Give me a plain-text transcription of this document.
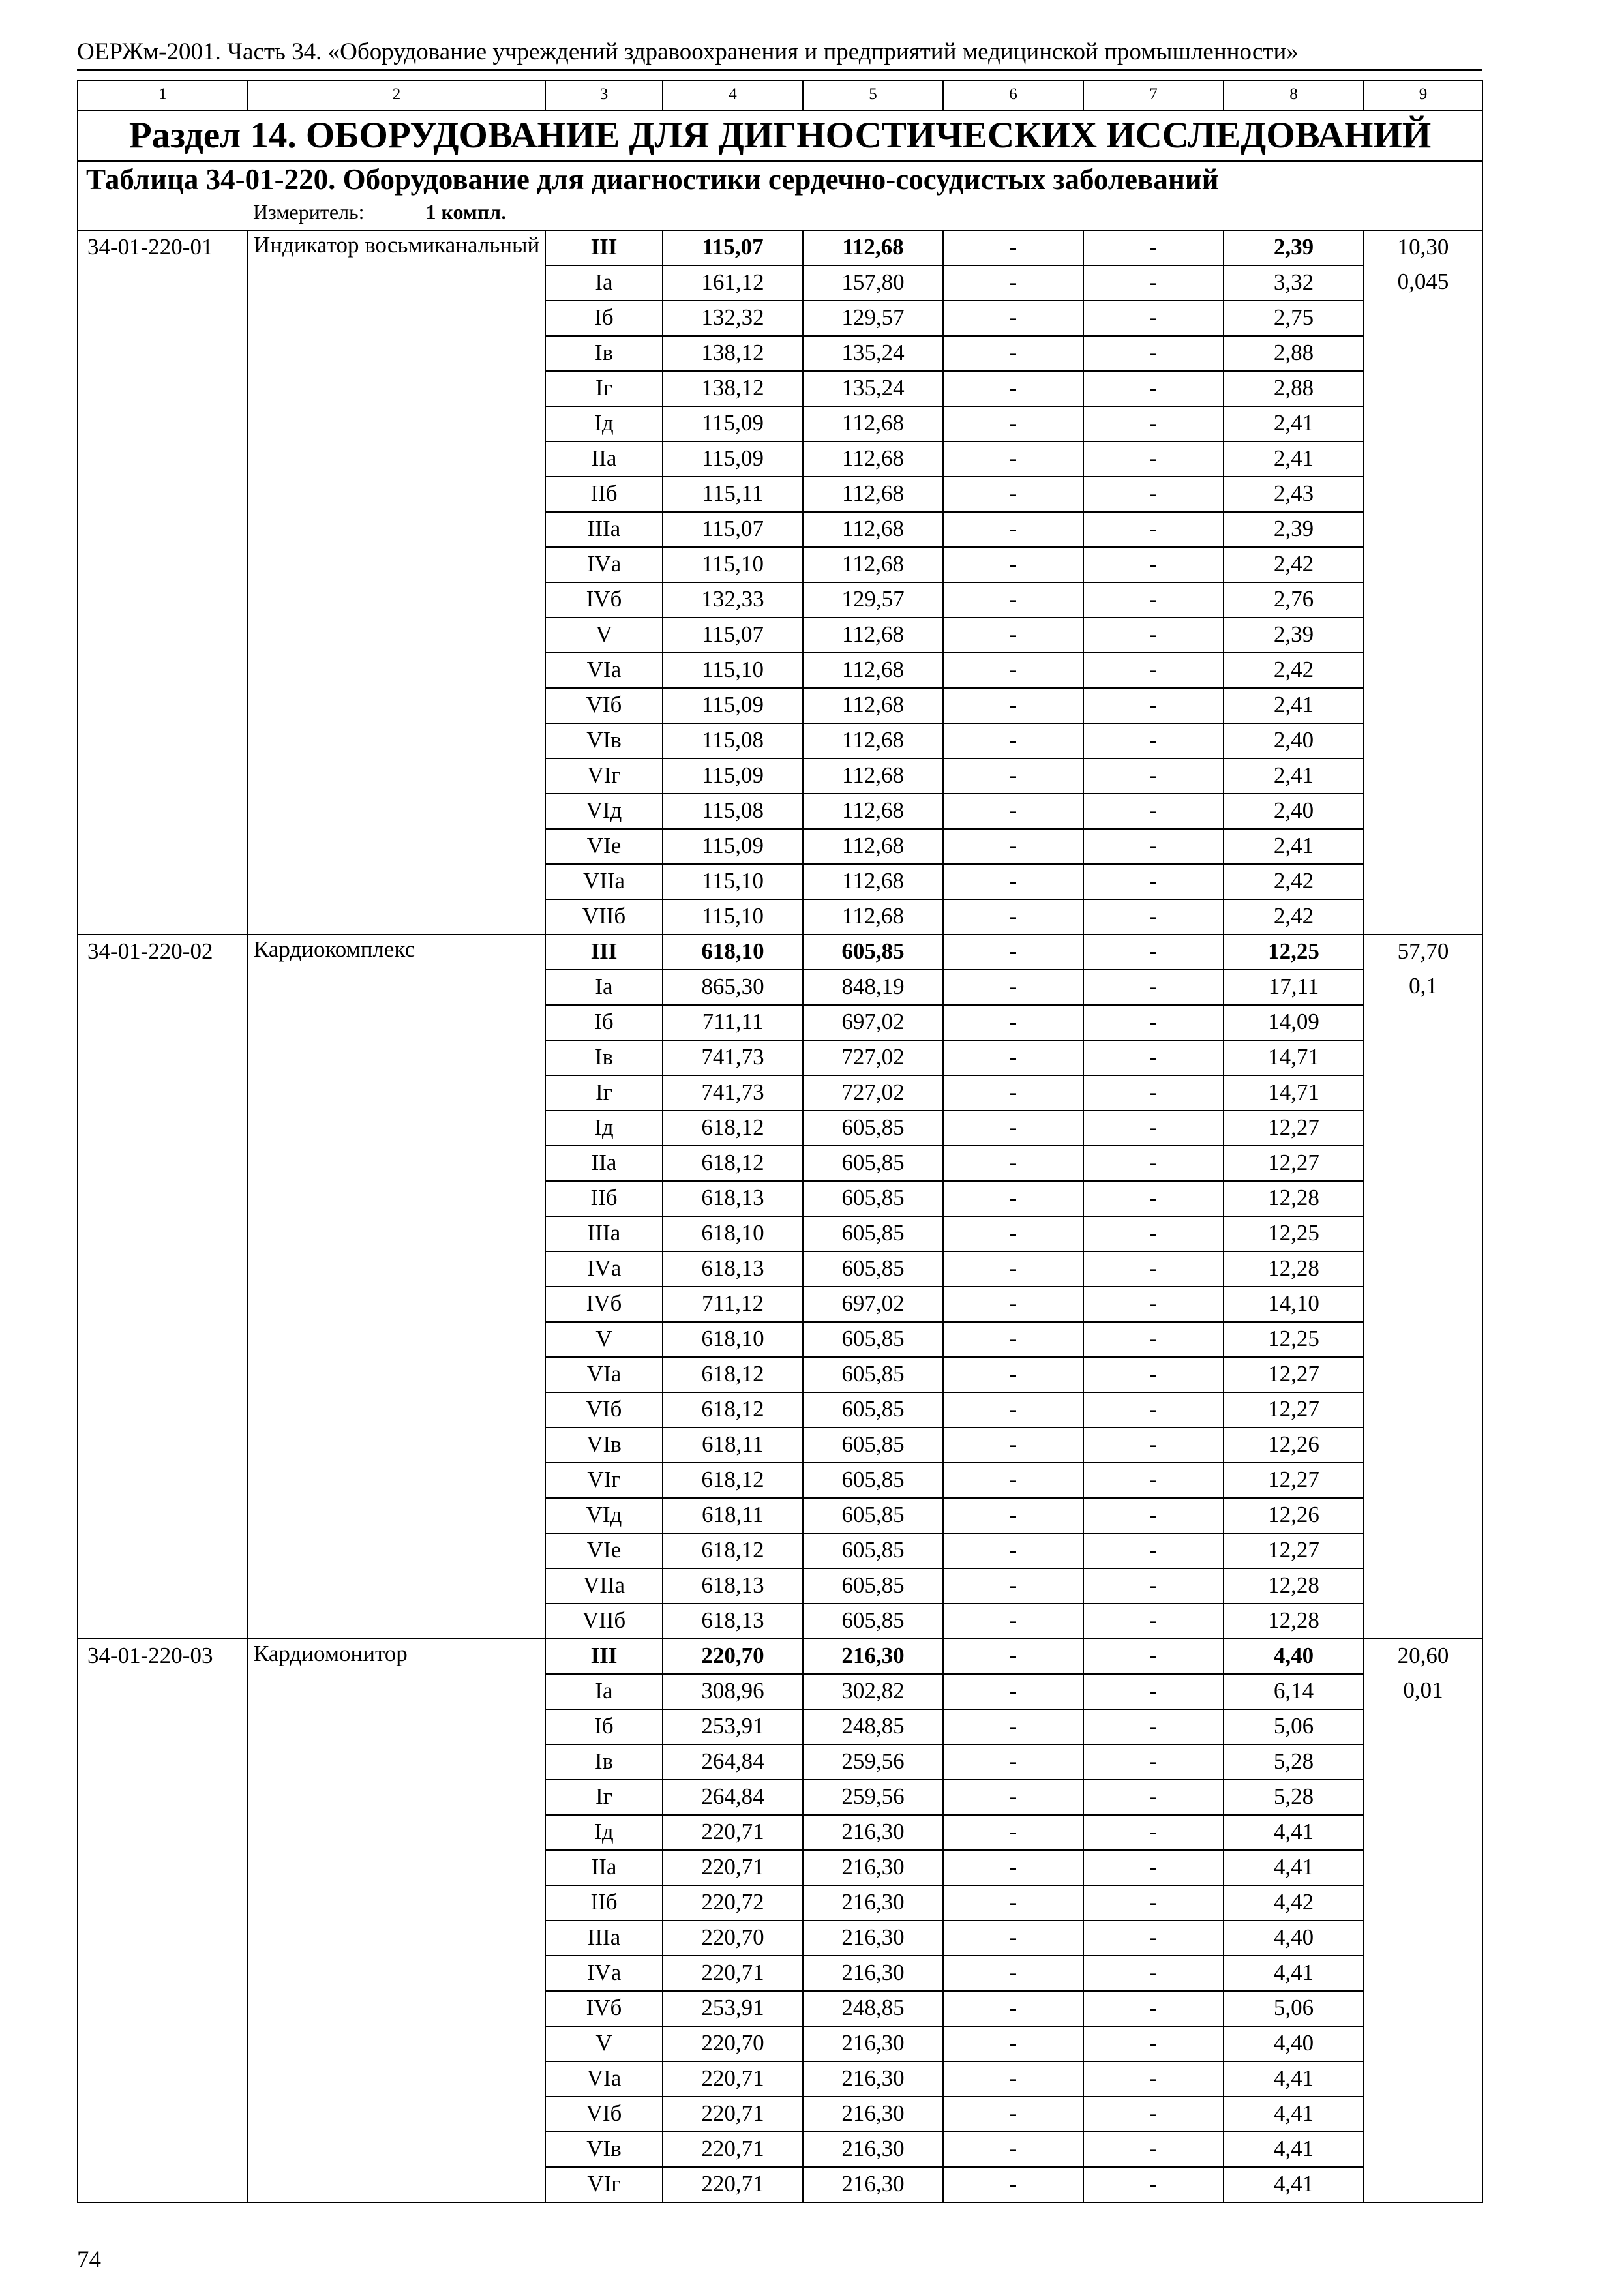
ОЕРЖм-2001. Часть 34. «Оборудование учреждений здравоохранения и предприятий медицинской промышленности»
1	2	3	4	5	6	7	8	9
Раздел 14. ОБОРУДОВАНИЕ ДЛЯ ДИГНОСТИЧЕСКИХ ИССЛЕДОВАНИЙ								
Таблица 34-01-220. Оборудование для диагностики сердечно-сосудистых заболеваний
Измеритель: 1 компл.								

34-01-220-01	Индикатор восьмиканальный	III	115,07	112,68	-	-	2,39	10,30
		Ia	161,12	157,80	-	-	3,32	0,045
		Iб	132,32	129,57	-	-	2,75	
		Iв	138,12	135,24	-	-	2,88	
		Iг	138,12	135,24	-	-	2,88	
		Iд	115,09	112,68	-	-	2,41	
		IIа	115,09	112,68	-	-	2,41	
		IIб	115,11	112,68	-	-	2,43	
		IIIа	115,07	112,68	-	-	2,39	
		IVа	115,10	112,68	-	-	2,42	
		IVб	132,33	129,57	-	-	2,76	
		V	115,07	112,68	-	-	2,39	
		VIа	115,10	112,68	-	-	2,42	
		VIб	115,09	112,68	-	-	2,41	
		VIв	115,08	112,68	-	-	2,40	
		VIг	115,09	112,68	-	-	2,41	
		VIд	115,08	112,68	-	-	2,40	
		VIе	115,09	112,68	-	-	2,41	
		VIIа	115,10	112,68	-	-	2,42	
		VIIб	115,10	112,68	-	-	2,42	
34-01-220-02	Кардиокомплекс	III	618,10	605,85	-	-	12,25	57,70
		Ia	865,30	848,19	-	-	17,11	0,1
		Iб	711,11	697,02	-	-	14,09	
		Iв	741,73	727,02	-	-	14,71	
		Iг	741,73	727,02	-	-	14,71	
		Iд	618,12	605,85	-	-	12,27	
		IIа	618,12	605,85	-	-	12,27	
		IIб	618,13	605,85	-	-	12,28	
		IIIа	618,10	605,85	-	-	12,25	
		IVа	618,13	605,85	-	-	12,28	
		IVб	711,12	697,02	-	-	14,10	
		V	618,10	605,85	-	-	12,25	
		VIа	618,12	605,85	-	-	12,27	
		VIб	618,12	605,85	-	-	12,27	
		VIв	618,11	605,85	-	-	12,26	
		VIг	618,12	605,85	-	-	12,27	
		VIд	618,11	605,85	-	-	12,26	
		VIе	618,12	605,85	-	-	12,27	
		VIIа	618,13	605,85	-	-	12,28	
		VIIб	618,13	605,85	-	-	12,28	
34-01-220-03	Кардиомонитор	III	220,70	216,30	-	-	4,40	20,60
		Ia	308,96	302,82	-	-	6,14	0,01
		Iб	253,91	248,85	-	-	5,06	
		Iв	264,84	259,56	-	-	5,28	
		Iг	264,84	259,56	-	-	5,28	
		Iд	220,71	216,30	-	-	4,41	
		IIа	220,71	216,30	-	-	4,41	
		IIб	220,72	216,30	-	-	4,42	
		IIIа	220,70	216,30	-	-	4,40	
		IVа	220,71	216,30	-	-	4,41	
		IVб	253,91	248,85	-	-	5,06	
		V	220,70	216,30	-	-	4,40	
		VIа	220,71	216,30	-	-	4,41	
		VIб	220,71	216,30	-	-	4,41	
		VIв	220,71	216,30	-	-	4,41	
		VIг	220,71	216,30	-	-	4,41	
74
